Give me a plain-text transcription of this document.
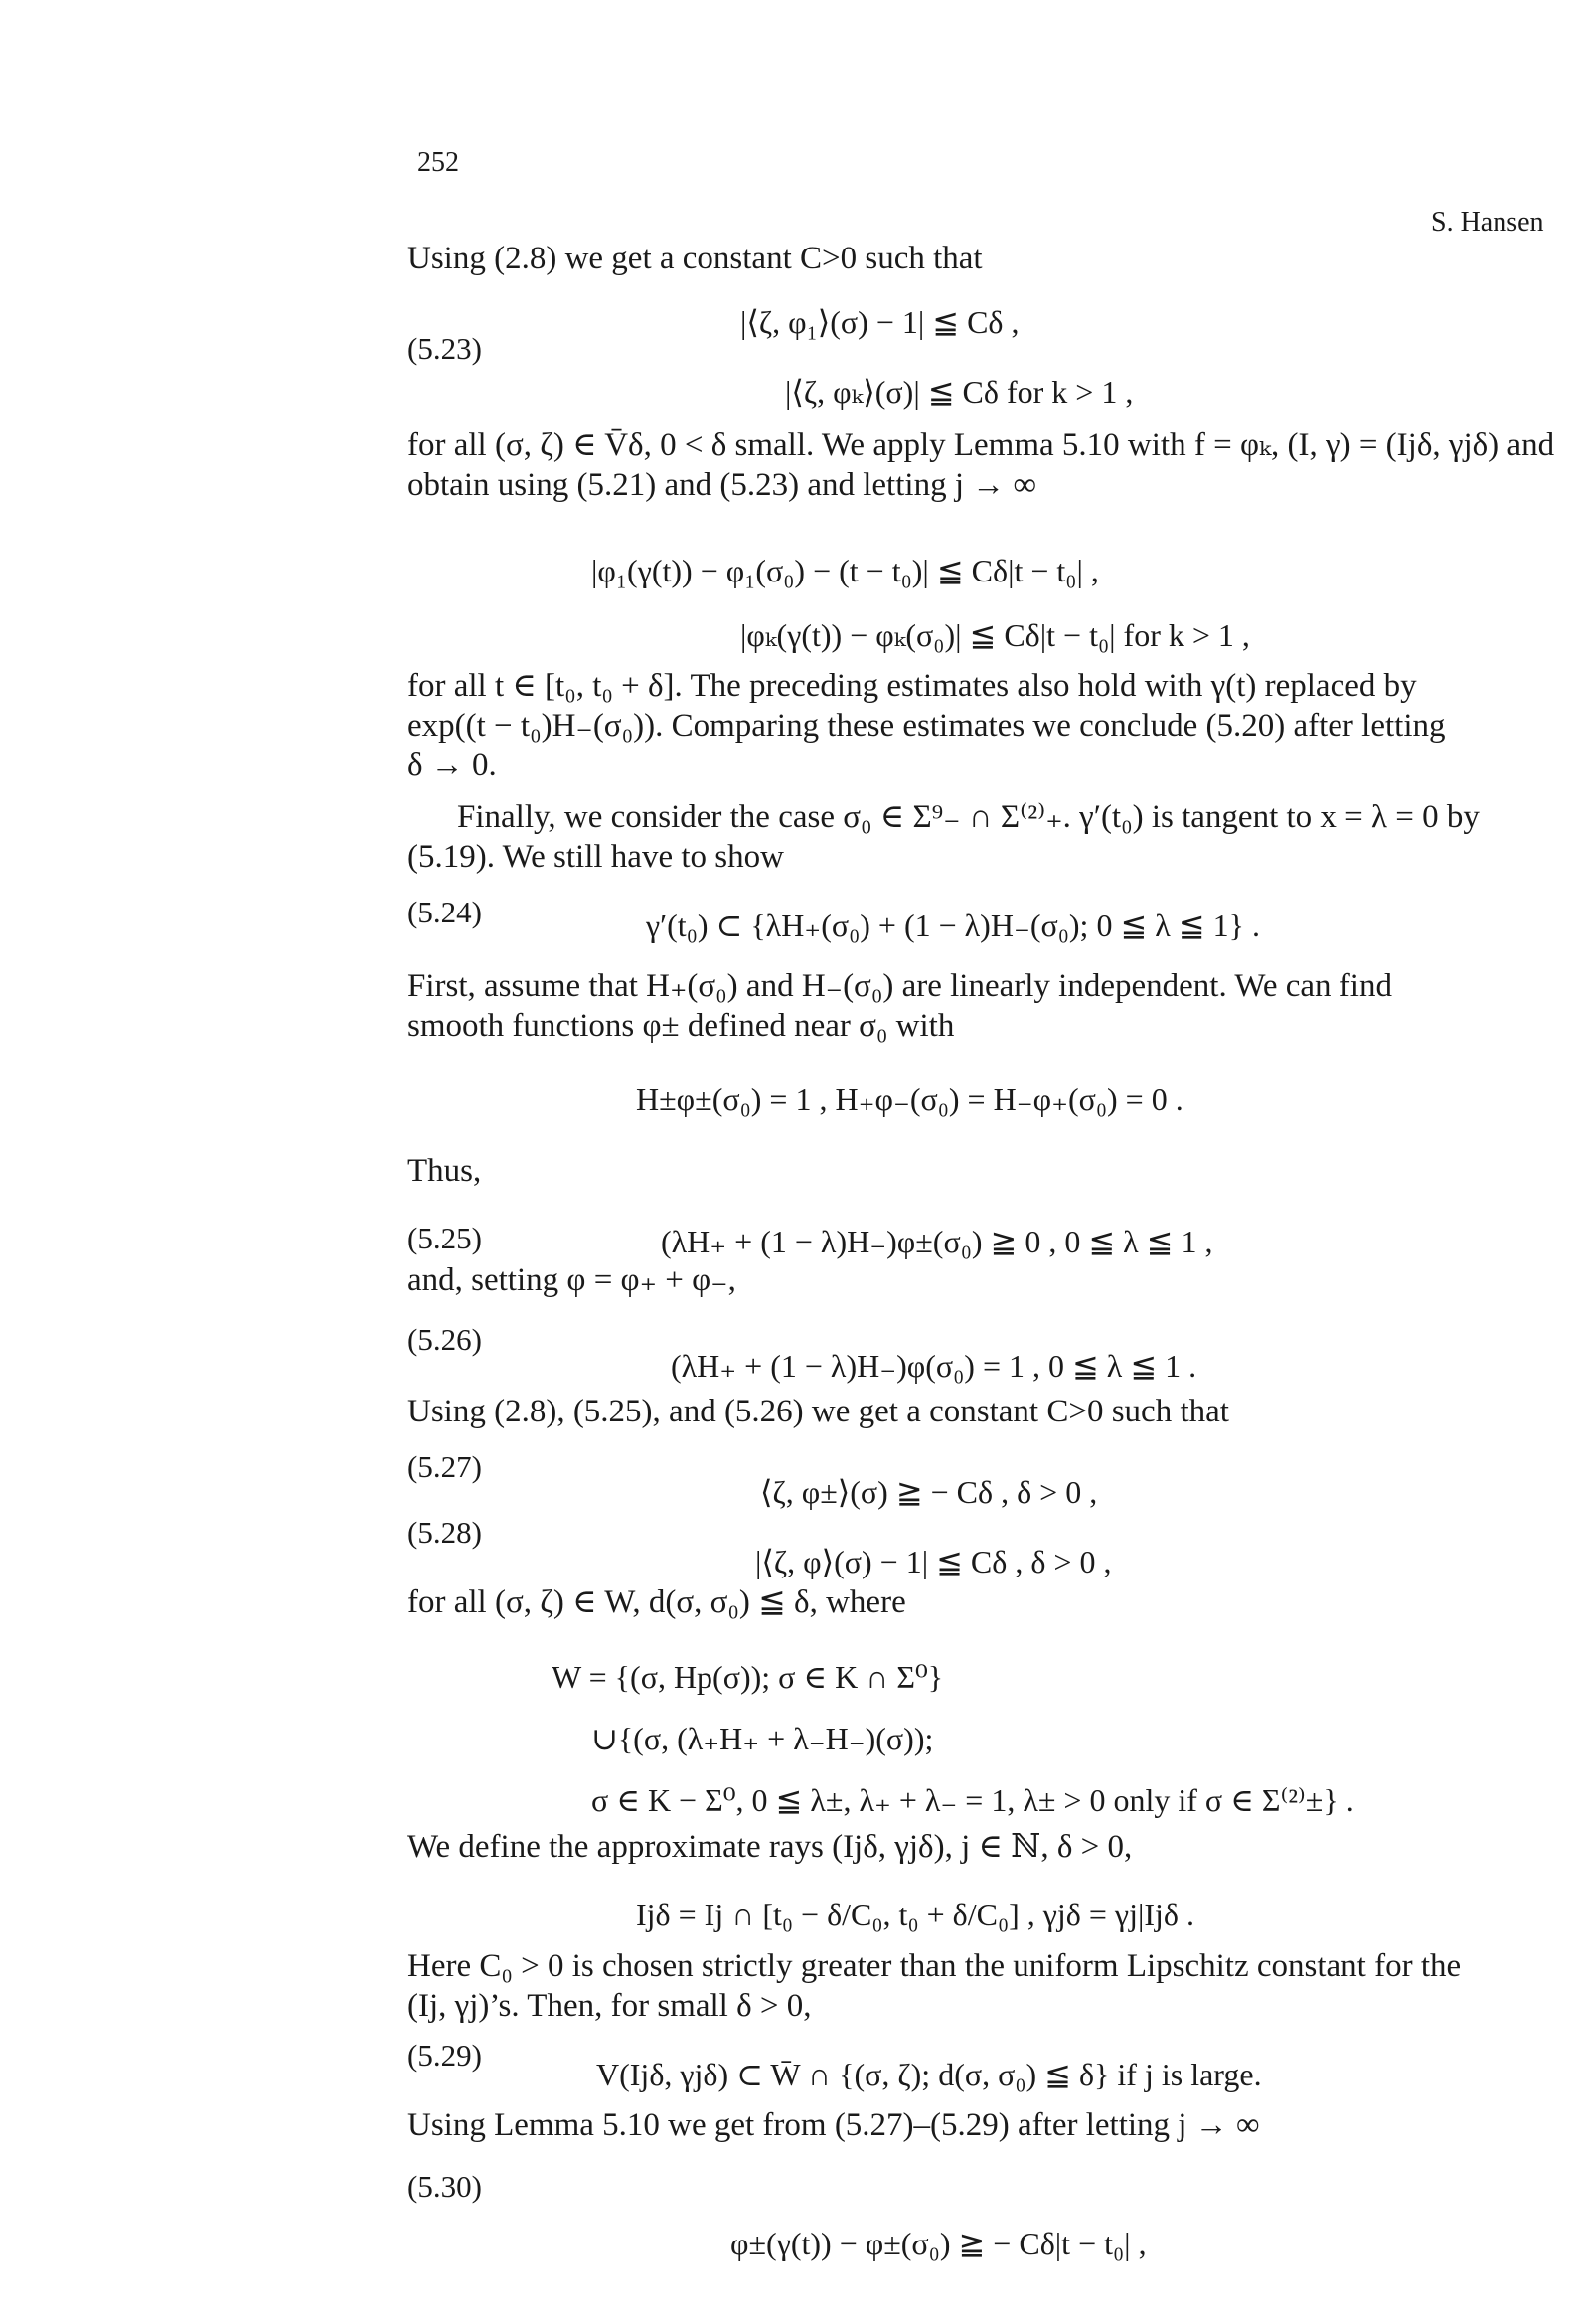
252
S. Hansen
Using (2.8) we get a constant C>0 such that
(5.23)
|⟨ζ, φ₁⟩(σ) − 1| ≦ Cδ ,
|⟨ζ, φₖ⟩(σ)| ≦ Cδ for k > 1 ,
for all (σ, ζ) ∈ V̄δ, 0 < δ small. We apply Lemma 5.10 with f = φₖ, (I, γ) = (Ijδ, γjδ) and
obtain using (5.21) and (5.23) and letting j → ∞
|φ₁(γ(t)) − φ₁(σ₀) − (t − t₀)| ≦ Cδ|t − t₀| ,
|φₖ(γ(t)) − φₖ(σ₀)| ≦ Cδ|t − t₀| for k > 1 ,
for all t ∈ [t₀, t₀ + δ]. The preceding estimates also hold with γ(t) replaced by
exp((t − t₀)H₋(σ₀)). Comparing these estimates we conclude (5.20) after letting
δ → 0.
Finally, we consider the case σ₀ ∈ Σ⁹₋ ∩ Σ⁽²⁾₊. γ′(t₀) is tangent to x = λ = 0 by
(5.19). We still have to show
(5.24)	γ′(t₀) ⊂ {λH₊(σ₀) + (1 − λ)H₋(σ₀); 0 ≦ λ ≦ 1} .
First, assume that H₊(σ₀) and H₋(σ₀) are linearly independent. We can find
smooth functions φ± defined near σ₀ with
H±φ±(σ₀) = 1 , H₊φ₋(σ₀) = H₋φ₊(σ₀) = 0 .
Thus,
(5.25)	(λH₊ + (1 − λ)H₋)φ±(σ₀) ≧ 0 , 0 ≦ λ ≦ 1 ,
and, setting φ = φ₊ + φ₋,
(5.26)
(λH₊ + (1 − λ)H₋)φ(σ₀) = 1 , 0 ≦ λ ≦ 1 .
Using (2.8), (5.25), and (5.26) we get a constant C>0 such that
(5.27)
⟨ζ, φ±⟩(σ) ≧ − Cδ , δ > 0 ,
(5.28)
|⟨ζ, φ⟩(σ) − 1| ≦ Cδ , δ > 0 ,
for all (σ, ζ) ∈ W, d(σ, σ₀) ≦ δ, where
W = {(σ, Hp(σ)); σ ∈ K ∩ Σ⁰}
∪{(σ, (λ₊H₊ + λ₋H₋)(σ));
σ ∈ K − Σ⁰, 0 ≦ λ±, λ₊ + λ₋ = 1, λ± > 0 only if σ ∈ Σ⁽²⁾±} .
We define the approximate rays (Ijδ, γjδ), j ∈ ℕ, δ > 0,
Ijδ = Ij ∩ [t₀ − δ/C₀, t₀ + δ/C₀] , γjδ = γj|Ijδ .
Here C₀ > 0 is chosen strictly greater than the uniform Lipschitz constant for the
(Ij, γj)’s. Then, for small δ > 0,
(5.29)
V(Ijδ, γjδ) ⊂ W̄ ∩ {(σ, ζ); d(σ, σ₀) ≦ δ} if j is large.
Using Lemma 5.10 we get from (5.27)–(5.29) after letting j → ∞
(5.30)
φ±(γ(t)) − φ±(σ₀) ≧ − Cδ|t − t₀| ,
